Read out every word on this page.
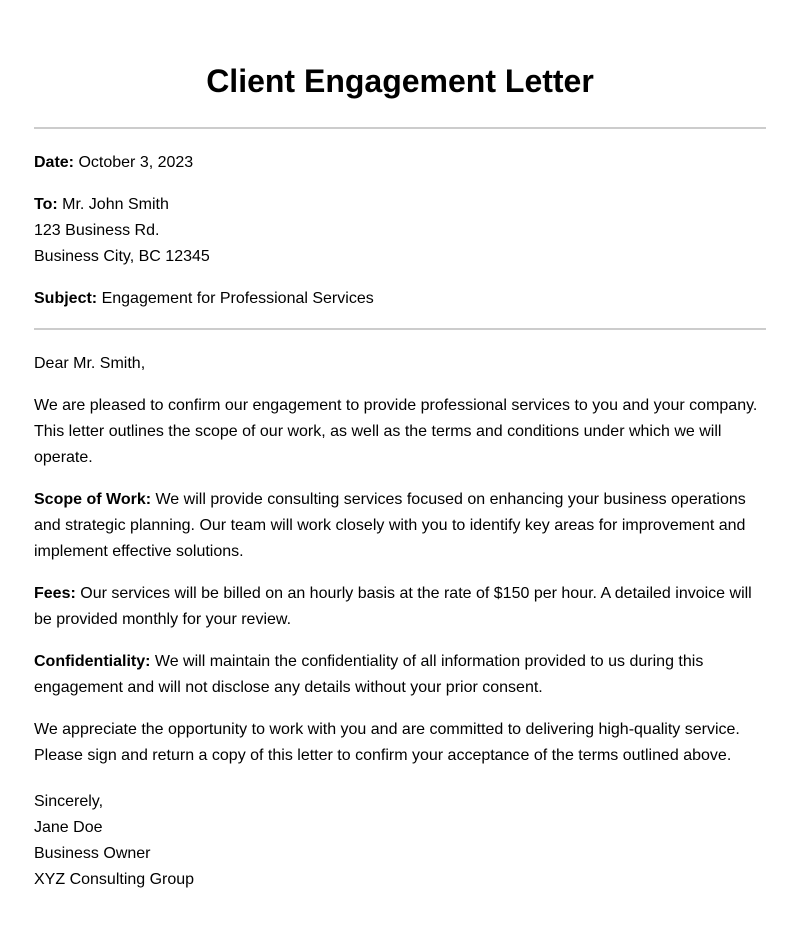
Client Engagement Letter

Date: October 3, 2023

To: Mr. John Smith
123 Business Rd.
Business City, BC 12345

Subject: Engagement for Professional Services

Dear Mr. Smith,

We are pleased to confirm our engagement to provide professional services to you and your company. This letter outlines the scope of our work, as well as the terms and conditions under which we will operate.

Scope of Work: We will provide consulting services focused on enhancing your business operations and strategic planning. Our team will work closely with you to identify key areas for improvement and implement effective solutions.

Fees: Our services will be billed on an hourly basis at the rate of $150 per hour. A detailed invoice will be provided monthly for your review.

Confidentiality: We will maintain the confidentiality of all information provided to us during this engagement and will not disclose any details without your prior consent.

We appreciate the opportunity to work with you and are committed to delivering high-quality service. Please sign and return a copy of this letter to confirm your acceptance of the terms outlined above.

Sincerely,
Jane Doe
Business Owner
XYZ Consulting Group
